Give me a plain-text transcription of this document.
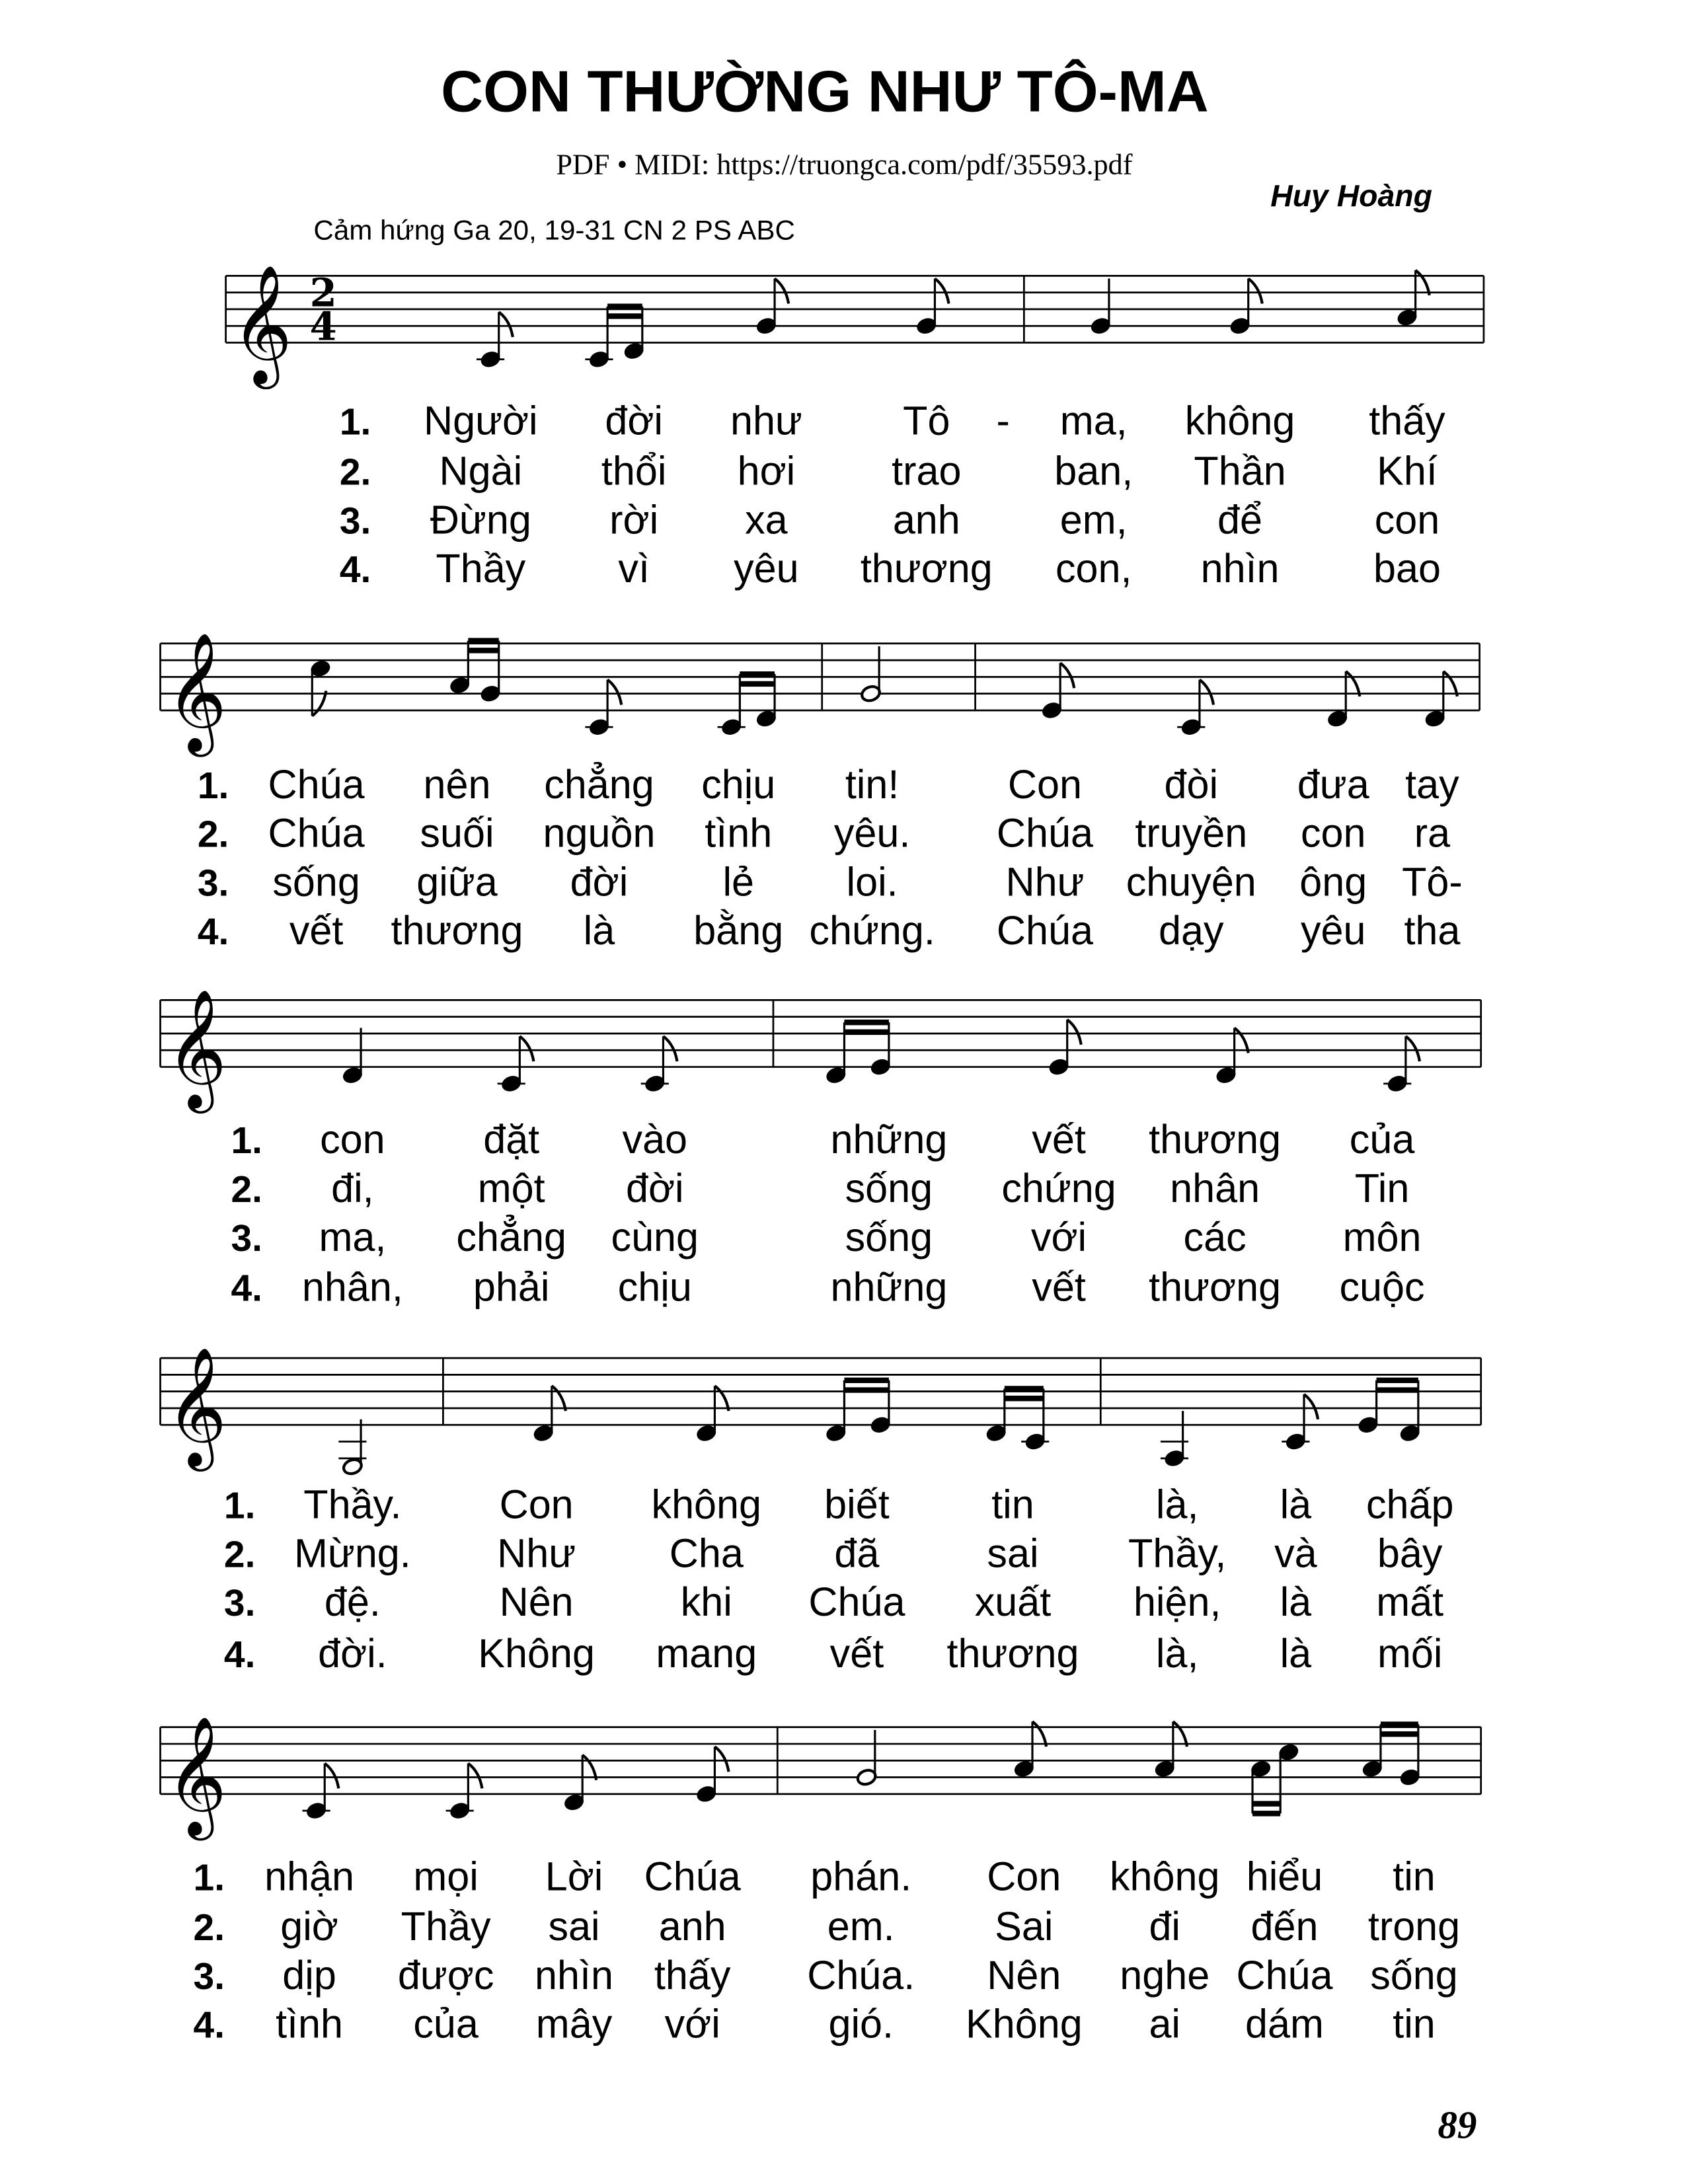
CON THƯỜNG NHƯ TÔ-MA
PDF • MIDI: https://truongca.com/pdf/35593.pdf
Huy Hoàng
Cảm hứng Ga 20, 19-31 CN 2 PS ABC
𝄞 2
4
1.	Người	đời	như	Tô -	ma,	không	thấy
2.	Ngài	thổi	hơi	trao	ban,	Thần	Khí
3.	Đừng	rời	xa	anh	em,	để	con
4.	Thầy	vì	yêu	thương	con,	nhìn	bao
𝄞
1. Chúa	nên	chẳng chịu	tin!	Con	đòi	đưa tay
2. Chúa	suối	nguồn	tình	yêu.	Chúa truyền	con	ra
3. sống	giữa	đời	lẻ	loi.	Như chuyện ông Tô-
4.	vết thương	là	bằng chứng.	Chúa	dạy	yêu tha
𝄞
1.	con	đặt	vào	những	vết	thương	của
2.	đi,	một	đời	sống	chứng	nhân	Tin
3.	ma,	chẳng cùng	sống	với	các	môn
4. nhân,	phải	chịu	những	vết	thương	cuộc
𝄞
1.	Thầy.	Con	không	biết	tin	là,	là	chấp
2. Mừng.	Như	Cha	đã	sai	Thầy,	và	bây
3.	đệ.	Nên	khi	Chúa	xuất	hiện,	là	mất
4.	đời.	Không	mang	vết	thương	là,	là	mối
𝄞
1. nhận	mọi	Lời Chúa	phán.	Con	không hiểu	tin
2.	giờ	Thầy	sai	anh	em.	Sai	đi	đến	trong
3.	dịp	được nhìn thấy	Chúa.	Nên	nghe Chúa sống
4.	tình	của	mây	với	gió.	Không	ai	dám	tin
89
